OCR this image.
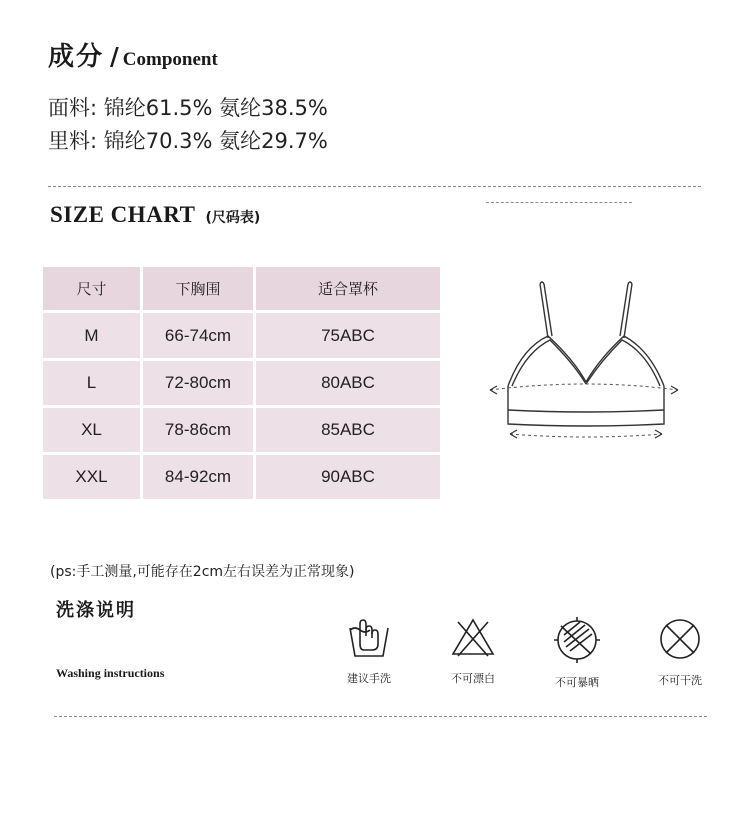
成分 / Component
面料: 锦纶61.5% 氨纶38.5%
里料: 锦纶70.3% 氨纶29.7%
SIZE CHART (尺码表)
尺寸	下胸围	适合罩杯
M	66-74cm	75ABC
L	72-80cm	80ABC
XL	78-86cm	85ABC
XXL	84-92cm	90ABC
(ps:手工测量,可能存在2cm左右误差为正常现象)
洗涤说明
Washing instructions	建议手洗	不可漂白	不可暴晒	不可干洗
